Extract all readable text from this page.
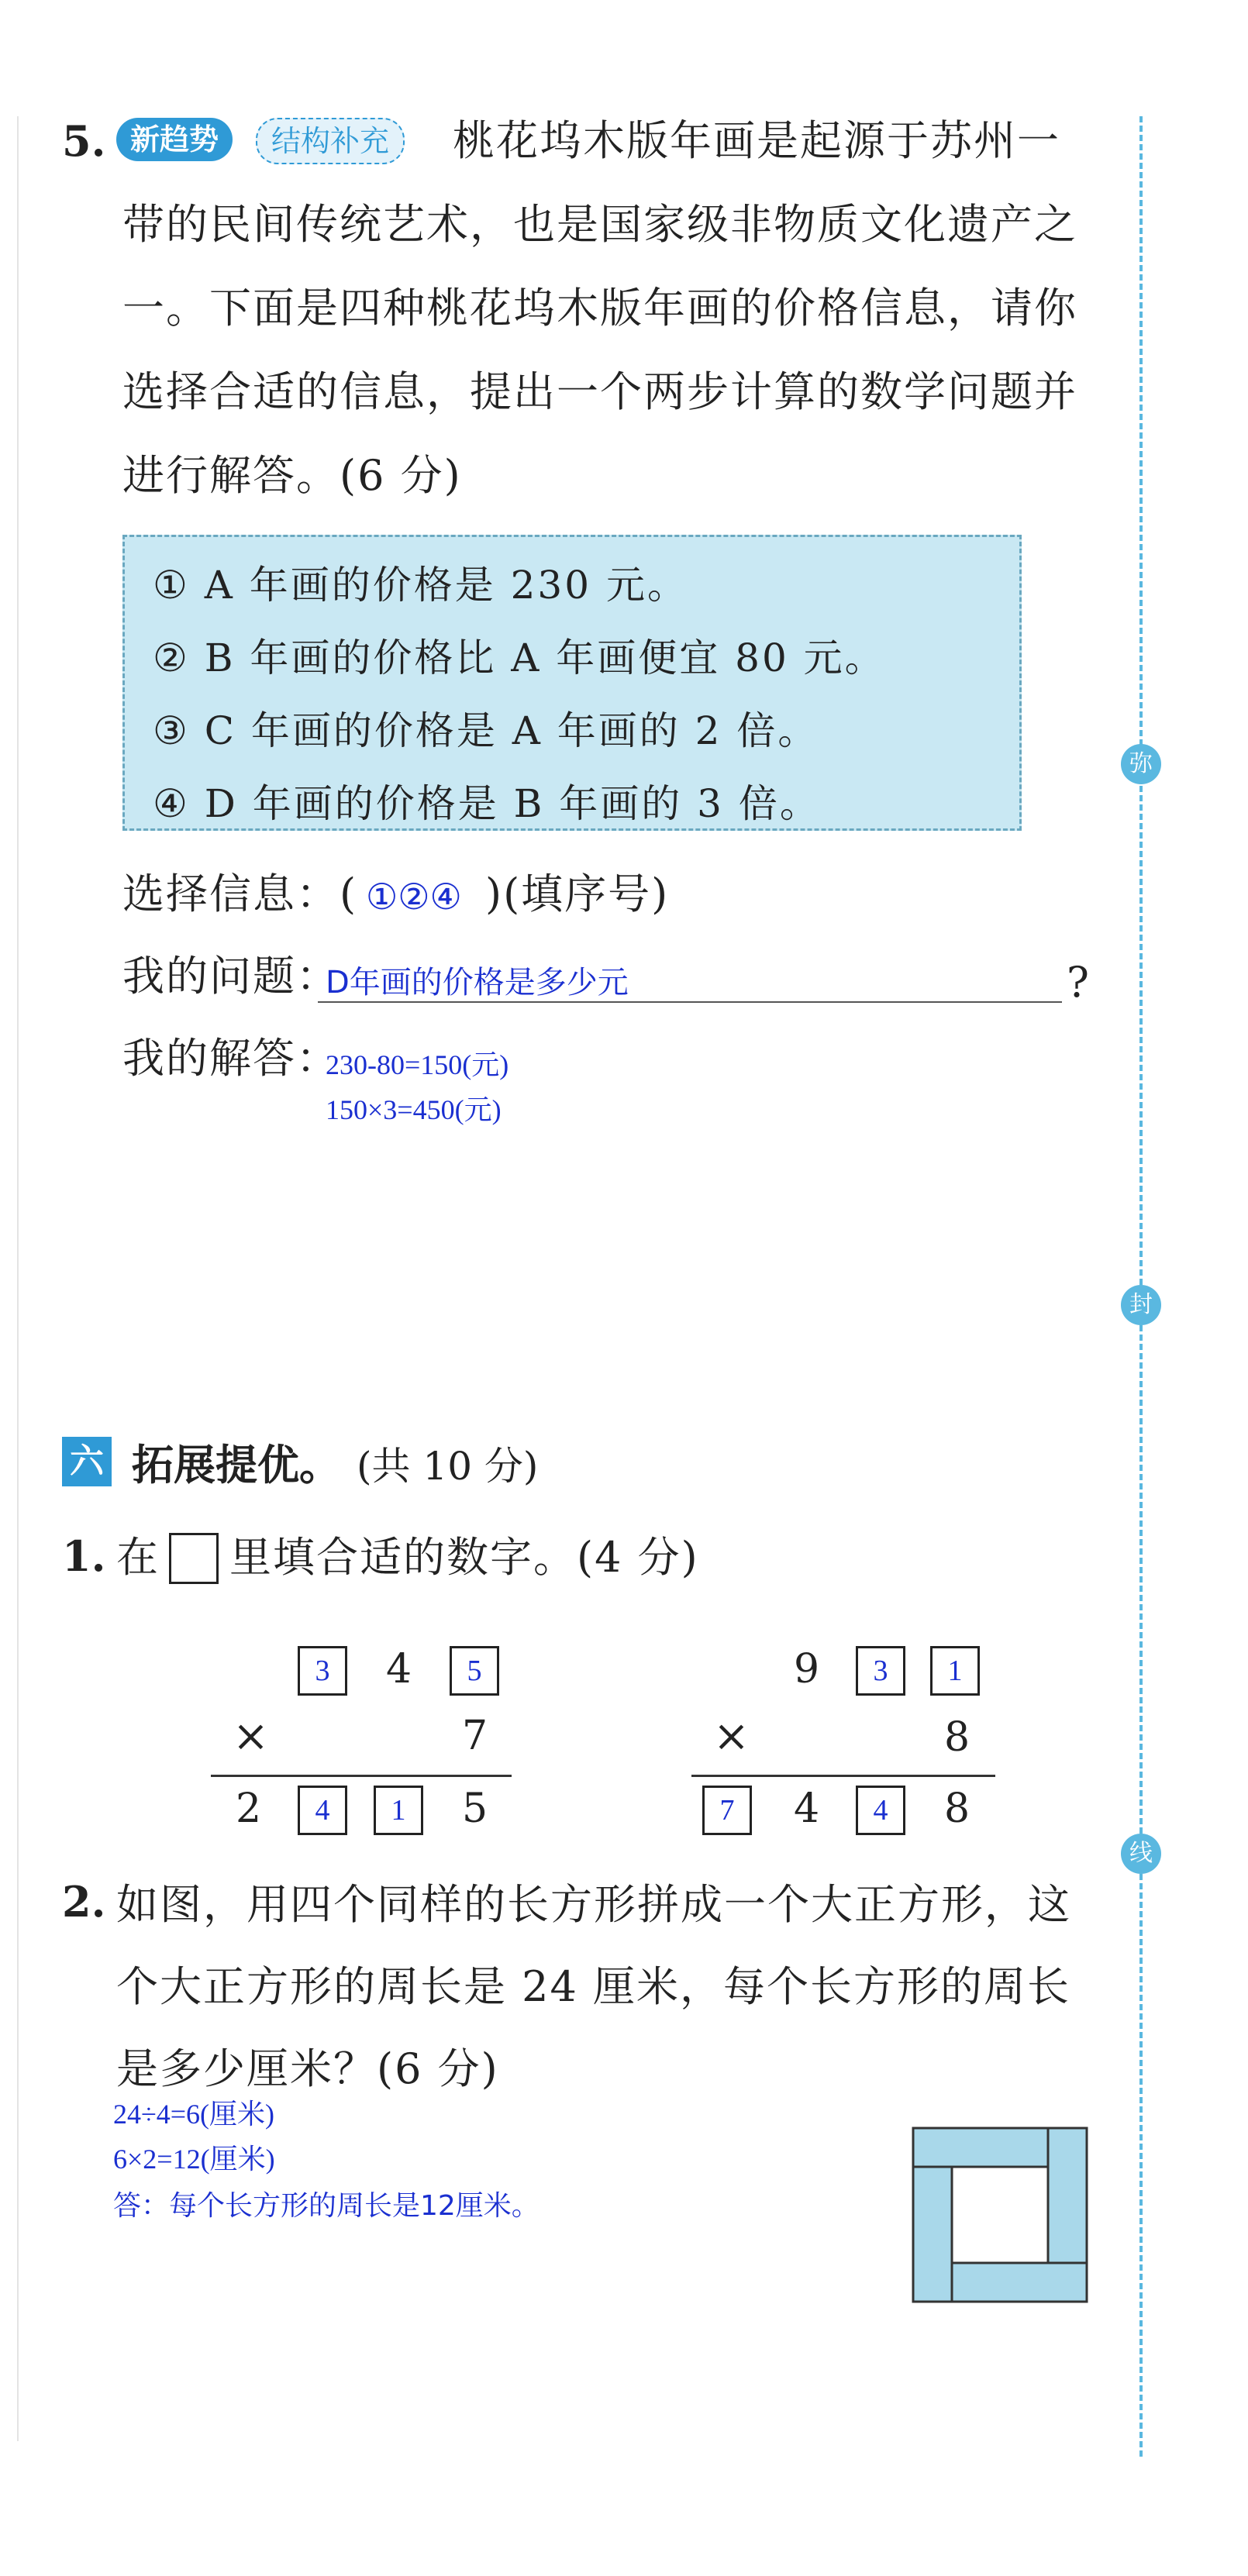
弥
封
线
5. 新趋势	结构补充	桃花坞木版年画是起源于苏州一
带的民间传统艺术，也是国家级非物质文化遗产之
一。下面是四种桃花坞木版年画的价格信息，请你
选择合适的信息，提出一个两步计算的数学问题并
进行解答。(6 分)
① A 年画的价格是 230 元。
② B 年画的价格比 A 年画便宜 80 元。
③ C 年画的价格是 A 年画的 2 倍。
④ D 年画的价格是 B 年画的 3 倍。
选择信息：( ①②④ )(填序号)
我的问题：
D年画的价格是多少元	?
我的解答：
230-80=150(元)
150×3=450(元)
六 拓展提优。 (共 10 分)
1. 在 里填合适的数字。(4 分)
3	4	5
×	7
2	4	1	5
9	3	1
×	8
7	4	4	8
2. 如图，用四个同样的长方形拼成一个大正方形，这
个大正方形的周长是 24 厘米，每个长方形的周长
是多少厘米？(6 分)
24÷4=6(厘米)
6×2=12(厘米)
答：每个长方形的周长是12厘米。
